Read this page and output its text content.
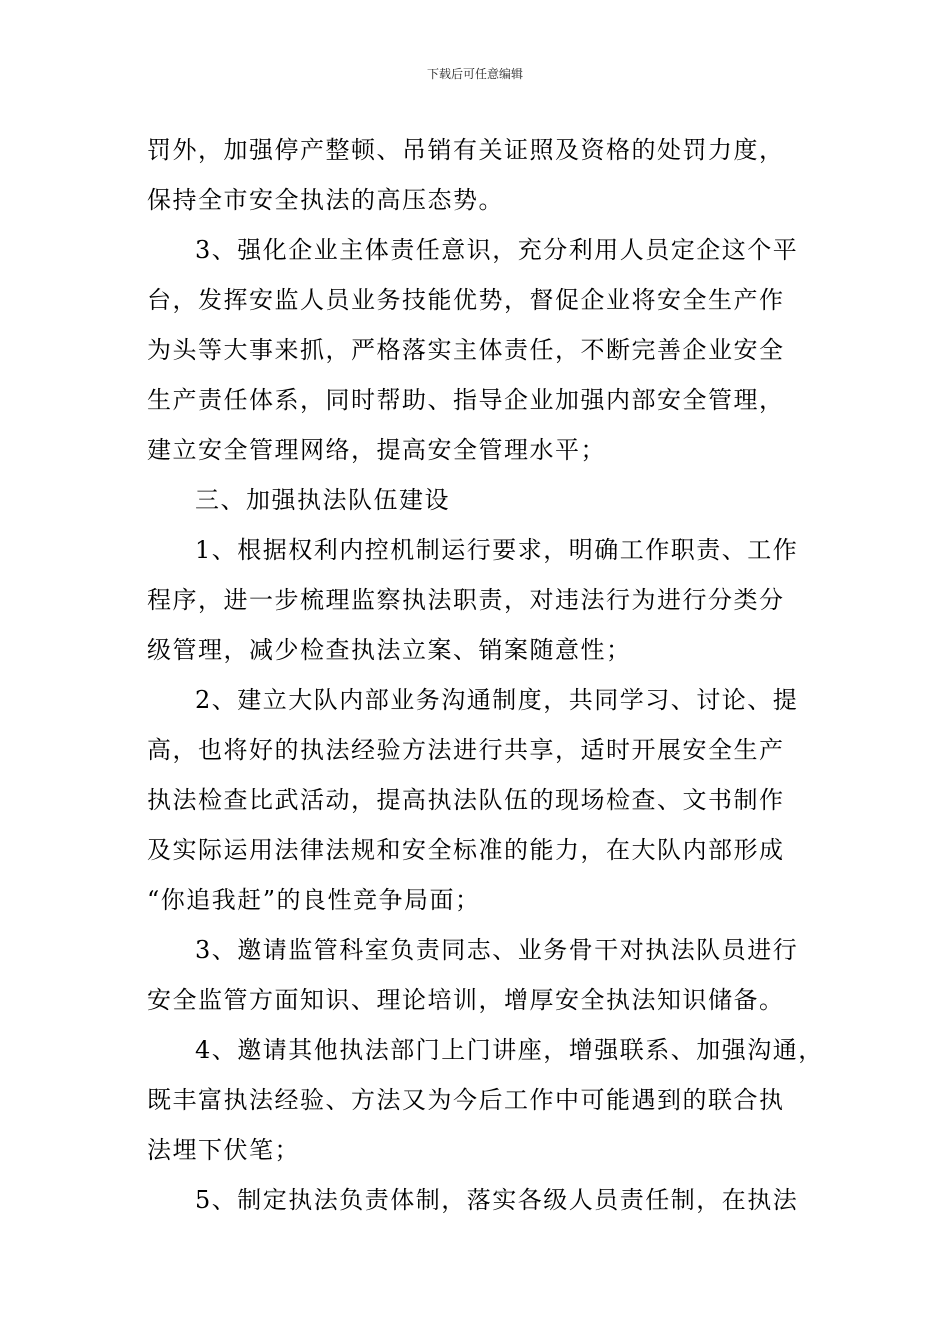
下载后可任意编辑
罚外，加强停产整顿、吊销有关证照及资格的处罚力度，
保持全市安全执法的高压态势。
3、强化企业主体责任意识，充分利用人员定企这个平
台，发挥安监人员业务技能优势，督促企业将安全生产作
为头等大事来抓，严格落实主体责任，不断完善企业安全
生产责任体系，同时帮助、指导企业加强内部安全管理，
建立安全管理网络，提高安全管理水平；
三、加强执法队伍建设
1、根据权利内控机制运行要求，明确工作职责、工作
程序，进一步梳理监察执法职责，对违法行为进行分类分
级管理，减少检查执法立案、销案随意性；
2、建立大队内部业务沟通制度，共同学习、讨论、提
高，也将好的执法经验方法进行共享，适时开展安全生产
执法检查比武活动，提高执法队伍的现场检查、文书制作
及实际运用法律法规和安全标准的能力，在大队内部形成
“你追我赶”的良性竞争局面；
3、邀请监管科室负责同志、业务骨干对执法队员进行
安全监管方面知识、理论培训，增厚安全执法知识储备。
4、邀请其他执法部门上门讲座，增强联系、加强沟通，
既丰富执法经验、方法又为今后工作中可能遇到的联合执
法埋下伏笔；
5、制定执法负责体制，落实各级人员责任制，在执法
